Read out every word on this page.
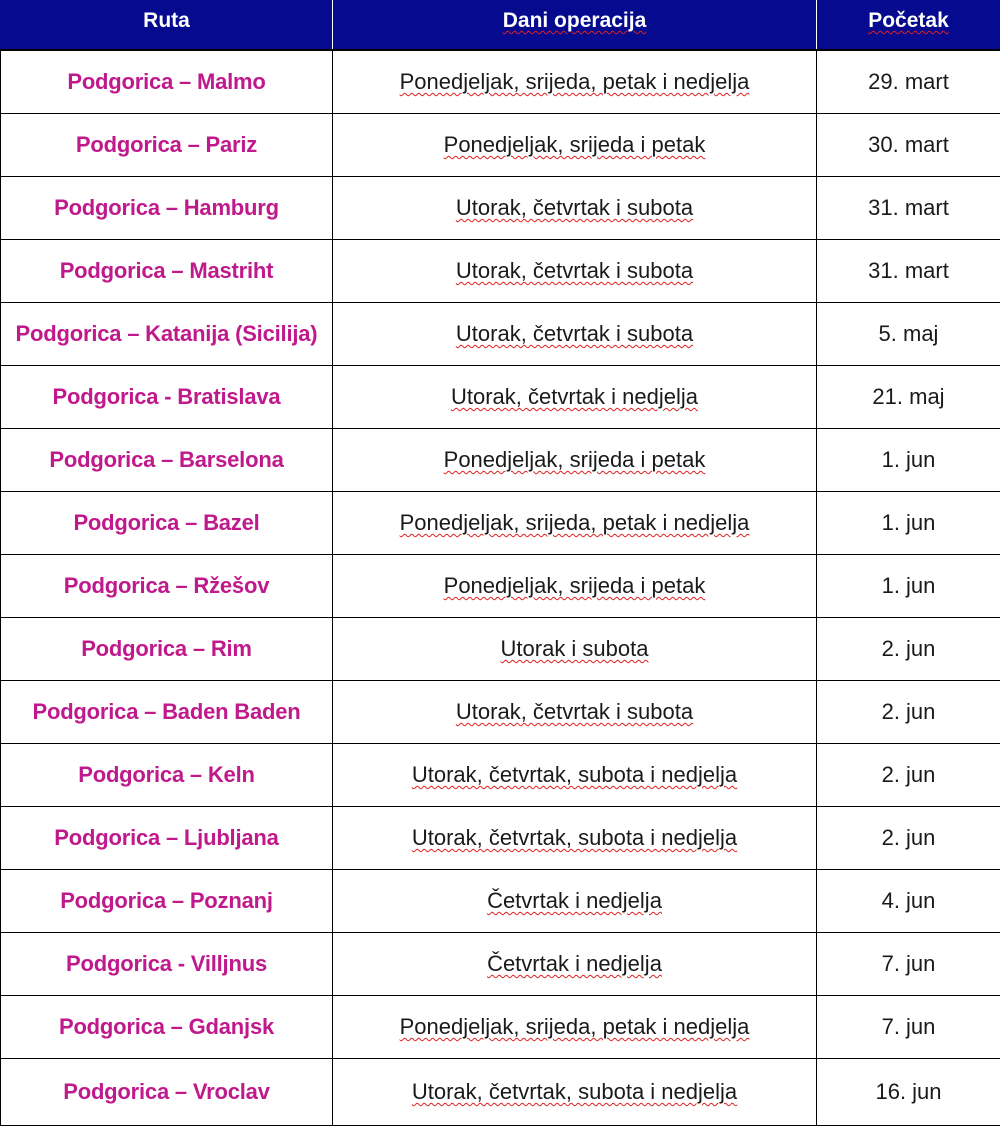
Ruta	Dani operacija	Početak
Podgorica – Malmo	Ponedjeljak, srijeda, petak i nedjelja	29. mart
Podgorica – Pariz	Ponedjeljak, srijeda i petak	30. mart
Podgorica – Hamburg	Utorak, četvrtak i subota	31. mart
Podgorica – Mastriht	Utorak, četvrtak i subota	31. mart
Podgorica – Katanija (Sicilija)	Utorak, četvrtak i subota	5. maj
Podgorica - Bratislava	Utorak, četvrtak i nedjelja	21. maj
Podgorica – Barselona	Ponedjeljak, srijeda i petak	1. jun
Podgorica – Bazel	Ponedjeljak, srijeda, petak i nedjelja	1. jun
Podgorica – Ržešov	Ponedjeljak, srijeda i petak	1. jun
Podgorica – Rim	Utorak i subota	2. jun
Podgorica – Baden Baden	Utorak, četvrtak i subota	2. jun
Podgorica – Keln	Utorak, četvrtak, subota i nedjelja	2. jun
Podgorica – Ljubljana	Utorak, četvrtak, subota i nedjelja	2. jun
Podgorica – Poznanj	Četvrtak i nedjelja	4. jun
Podgorica - Villjnus	Četvrtak i nedjelja	7. jun
Podgorica – Gdanjsk	Ponedjeljak, srijeda, petak i nedjelja	7. jun
Podgorica – Vroclav	Utorak, četvrtak, subota i nedjelja	16. jun
